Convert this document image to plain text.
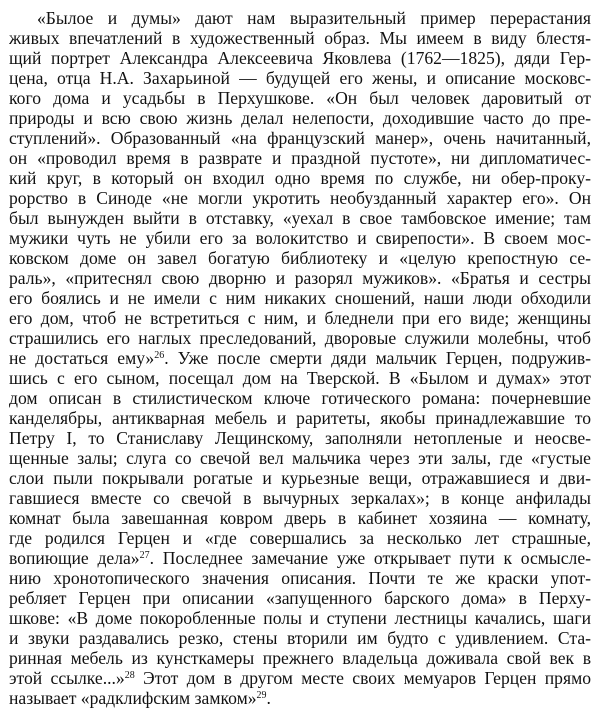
«Былое и думы» дают нам выразительный пример перерастания
живых впечатлений в художественный образ. Мы имеем в виду блестя-
щий портрет Александра Алексеевича Яковлева (1762—1825), дяди Гер-
цена, отца Н.А. Захарьиной — будущей его жены, и описание московс-
кого дома и усадьбы в Перхушкове. «Он был человек даровитый от
природы и всю свою жизнь делал нелепости, доходившие часто до пре-
ступлений». Образованный «на французский манер», очень начитанный,
он «проводил время в разврате и праздной пустоте», ни дипломатичес-
кий круг, в который он входил одно время по службе, ни обер-проку-
рорство в Синоде «не могли укротить необузданный характер его». Он
был вынужден выйти в отставку, «уехал в свое тамбовское имение; там
мужики чуть не убили его за волокитство и свирепости». В своем мос-
ковском доме он завел богатую библиотеку и «целую крепостную се-
раль», «притеснял свою дворню и разорял мужиков». «Братья и сестры
его боялись и не имели с ним никаких сношений, наши люди обходили
его дом, чтоб не встретиться с ним, и бледнели при его виде; женщины
страшились его наглых преследований, дворовые служили молебны, чтоб
не достаться ему»$^{26}$. Уже после смерти дяди мальчик Герцен, подружив-
шись с его сыном, посещал дом на Тверской. В «Былом и думах» этот
дом описан в стилистическом ключе готического романа: почерневшие
канделябры, антикварная мебель и раритеты, якобы принадлежавшие то
Петру I, то Станиславу Лещинскому, заполняли нетопленые и неосве-
щенные залы; слуга со свечой вел мальчика через эти залы, где «густые
слои пыли покрывали рогатые и курьезные вещи, отражавшиеся и дви-
гавшиеся вместе со свечой в вычурных зеркалах»; в конце анфилады
комнат была завешанная ковром дверь в кабинет хозяина — комнату,
где родился Герцен и «где совершались за несколько лет страшные,
вопиющие дела»$^{27}$. Последнее замечание уже открывает пути к осмысле-
нию хронотопического значения описания. Почти те же краски упот-
ребляет Герцен при описании «запущенного барского дома» в Перху-
шкове: «В доме покоробленные полы и ступени лестницы качались, шаги
и звуки раздавались резко, стены вторили им будто с удивлением. Ста-
ринная мебель из кунсткамеры прежнего владельца доживала свой век в
этой ссылке...»$^{28}$ Этот дом в другом месте своих мемуаров Герцен прямо
называет «радклифским замком»$^{29}$.
